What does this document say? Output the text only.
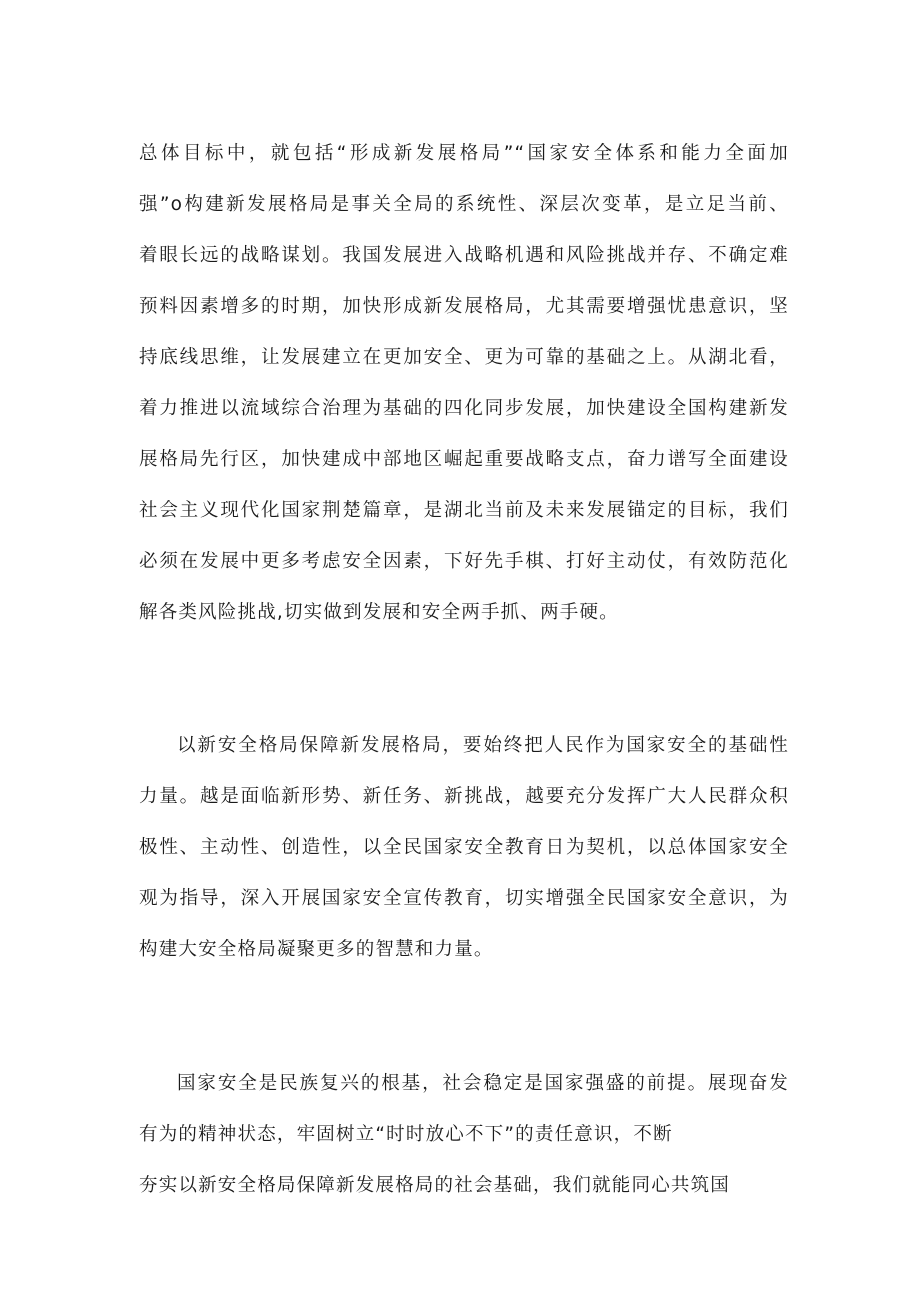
总体目标中，就包括“形成新发展格局”“国家安全体系和能力全面加
强”o构建新发展格局是事关全局的系统性、深层次变革，是立足当前、
着眼长远的战略谋划。我国发展进入战略机遇和风险挑战并存、不确定难
预料因素增多的时期，加快形成新发展格局，尤其需要增强忧患意识，坚
持底线思维，让发展建立在更加安全、更为可靠的基础之上。从湖北看，
着力推进以流域综合治理为基础的四化同步发展，加快建设全国构建新发
展格局先行区，加快建成中部地区崛起重要战略支点，奋力谱写全面建设
社会主义现代化国家荆楚篇章，是湖北当前及未来发展锚定的目标，我们
必须在发展中更多考虑安全因素，下好先手棋、打好主动仗，有效防范化
解各类风险挑战,切实做到发展和安全两手抓、两手硬。
以新安全格局保障新发展格局，要始终把人民作为国家安全的基础性
力量。越是面临新形势、新任务、新挑战，越要充分发挥广大人民群众积
极性、主动性、创造性，以全民国家安全教育日为契机，以总体国家安全
观为指导，深入开展国家安全宣传教育，切实增强全民国家安全意识，为
构建大安全格局凝聚更多的智慧和力量。
国家安全是民族复兴的根基，社会稳定是国家强盛的前提。展现奋发
有为的精神状态，牢固树立“时时放心不下”的责任意识，不断
夯实以新安全格局保障新发展格局的社会基础，我们就能同心共筑国
